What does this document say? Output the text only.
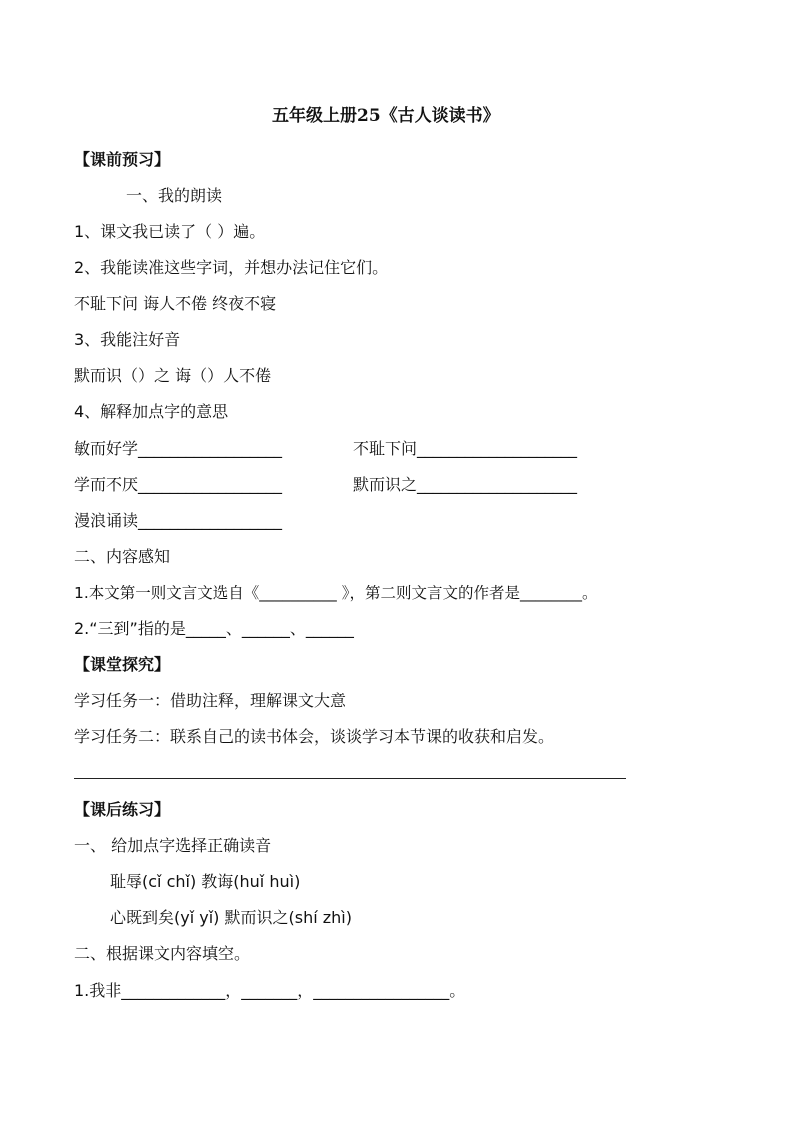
五年级上册25《古人谈读书》
【课前预习】
一、我的朗读
1、课文我已读了（ ）遍。
2、我能读准这些字词，并想办法记住它们。
不耻下问 诲人不倦 终夜不寝
3、我能注好音
默而识（）之 诲（）人不倦
4、解释加点字的意思
敏而好学__________________	不耻下问____________________
学而不厌__________________	默而识之____________________
漫浪诵读__________________
二、内容感知
1.本文第一则文言文选自《__________ 》，第二则文言文的作者是________。
2.“三到”指的是_____、______、______
【课堂探究】
学习任务一：借助注释，理解课文大意
学习任务二：联系自己的读书体会，谈谈学习本节课的收获和启发。
【课后练习】
一、 给加点字选择正确读音
耻辱(cǐ chǐ) 教诲(huǐ huì)
心既到矣(yǐ yǐ) 默而识之(shí zhì)
二、根据课文内容填空。
1.我非_____________，_______，_________________。
